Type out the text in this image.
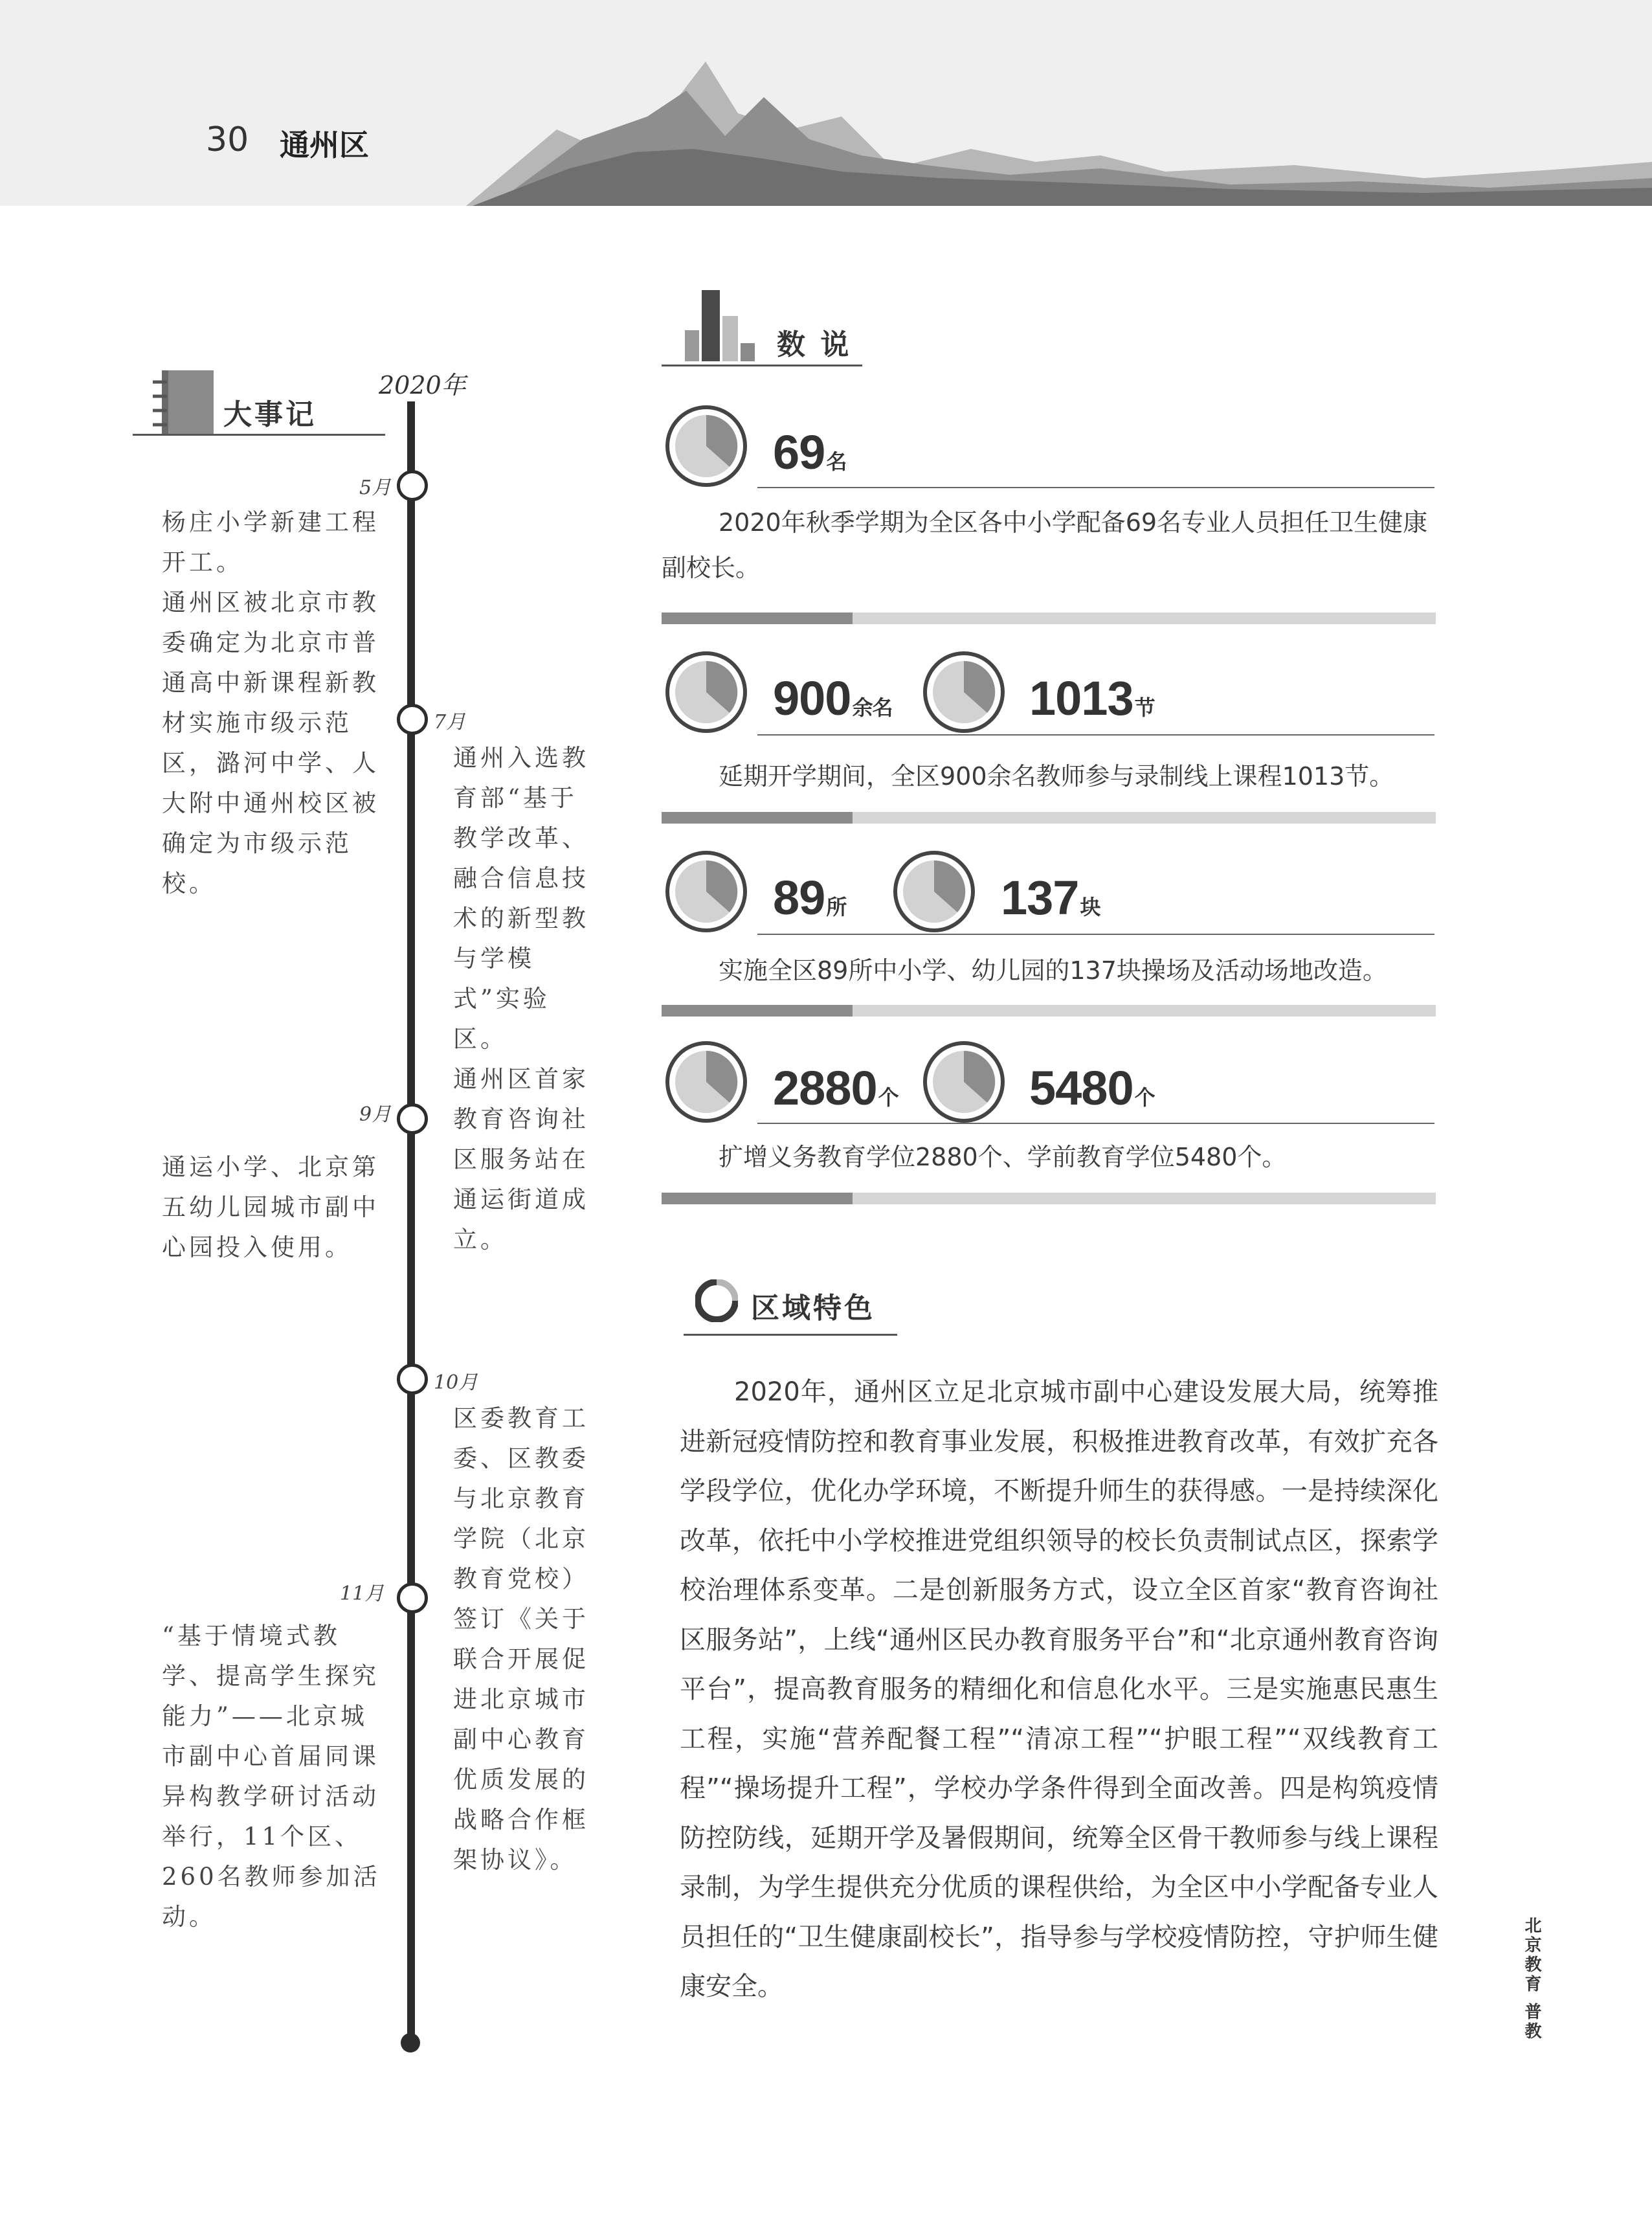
30 通州区
大事记
2020年
5月

杨庄小学新建工程开工。

通州区被北京市教委确定为北京市普通高中新课程新教材实施市级示范区，潞河中学、人大附中通州校区被确定为市级示范校。

7月

通州入选教育部“基于教学改革、融合信息技术的新型教与学模式”实验区。

通州区首家教育咨询社区服务站在通运街道成立。

9月

通运小学、北京第五幼儿园城市副中心园投入使用。

10月

区委教育工委、区教委与北京教育学院（北京教育党校）签订《关于联合开展促进北京城市副中心教育优质发展的战略合作框架协议》。

11月

“基于情境式教学、提高学生探究能力”——北京城市副中心首届同课异构教学研讨活动举行，11个区、260名教师参加活动。

数 说
69名

2020年秋季学期为全区各中小学配备69名专业人员担任卫生健康副校长。

900余名	1013节

延期开学期间，全区900余名教师参与录制线上课程1013节。

89所	137块

实施全区89所中小学、幼儿园的137块操场及活动场地改造。

2880个	5480个

扩增义务教育学位2880个、学前教育学位5480个。

区域特色

2020年，通州区立足北京城市副中心建设发展大局，统筹推进新冠疫情防控和教育事业发展，积极推进教育改革，有效扩充各学段学位，优化办学环境，不断提升师生的获得感。一是持续深化改革，依托中小学校推进党组织领导的校长负责制试点区，探索学校治理体系变革。二是创新服务方式，设立全区首家“教育咨询社区服务站”，上线“通州区民办教育服务平台”和“北京通州教育咨询平台”，提高教育服务的精细化和信息化水平。三是实施惠民惠生工程，实施“营养配餐工程”“清凉工程”“护眼工程”“双线教育工程”“操场提升工程”，学校办学条件得到全面改善。四是构筑疫情防控防线，延期开学及暑假期间，统筹全区骨干教师参与线上课程录制，为学生提供充分优质的课程供给，为全区中小学配备专业人员担任的“卫生健康副校长”，指导参与学校疫情防控，守护师生健康安全。	北京教育 普教
